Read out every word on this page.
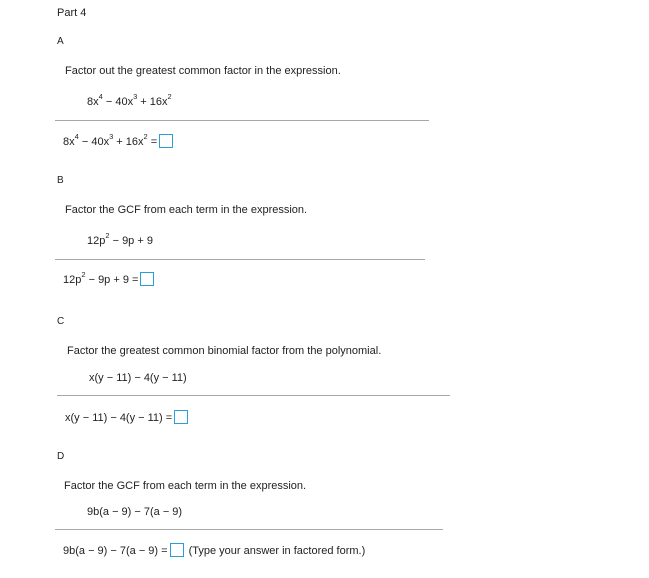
Part 4
A
Factor out the greatest common factor in the expression.
$8x^4 - 40x^3 + 16x^2$
$8x^4 - 40x^3 + 16x^2$ =
B
Factor the GCF from each term in the expression.
$12p^2 - 9p + 9$
$12p^2 - 9p + 9$ =
C
Factor the greatest common binomial factor from the polynomial.
x(y − 11) − 4(y − 11)
x(y − 11) − 4(y − 11) =
D
Factor the GCF from each term in the expression.
9b(a − 9) − 7(a − 9)
9b(a − 9) − 7(a − 9) = (Type your answer in factored form.)
